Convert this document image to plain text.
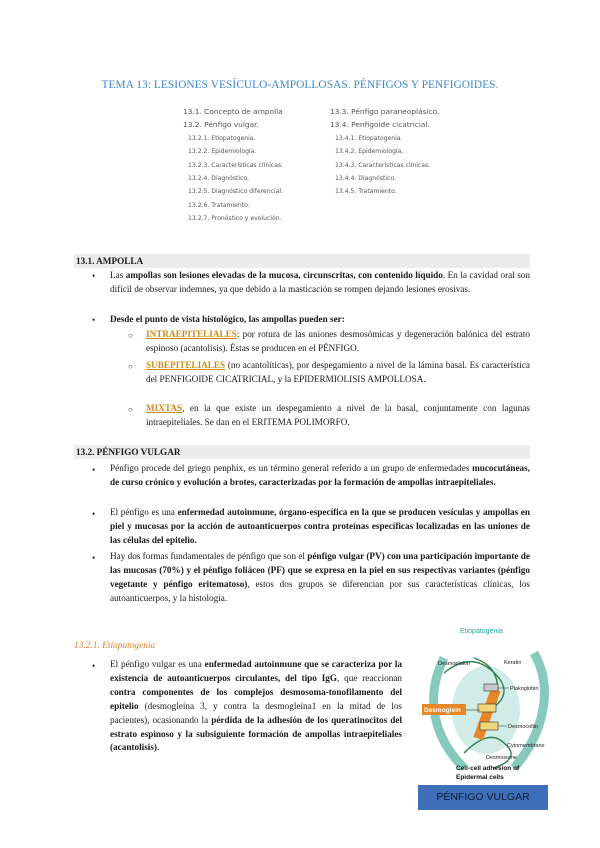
TEMA 13: LESIONES VESÍCULO-AMPOLLOSAS. PÉNFIGOS Y PENFIGOIDES.
13.1. Concepto de ampolla
13.2. Pénfigo vulgar.
13.2.1. Etiopatogenia.
13.2.2. Epidemiología.
13.2.3. Características clínicas.
13.2.4. Diagnóstico.
13.2.5. Diagnóstico diferencial.
13.2.6. Tratamiento.
13.2.7. Pronóstico y evolución.
13.3. Pénfigo paraneoplásico.
13.4. Penfigoide cicatricial.
13.4.1. Etiopatogenia.
13.4.2. Epidemiología.
13.4.3. Características clínicas.
13.4.4. Diagnóstico.
13.4.5. Tratamiento.
13.1. AMPOLLA
• Las ampollas son lesiones elevadas de la mucosa, circunscritas, con contenido líquido. En la cavidad oral son difícil de observar indemnes, ya que debido a la masticación se rompen dejando lesiones erosivas.
• Desde el punto de vista histológico, las ampollas pueden ser:
○ INTRAEPITELIALES: por rotura de las uniones desmosómicas y degeneración balónica del estrato espinoso (acantolisis). Éstas se producen en el PÉNFIGO.
○ SUBEPITELIALES (no acantolíticas), por despegamiento a nivel de la lámina basal. Es característica del PENFIGOIDE CICATRICIAL, y la EPIDERMIOLISIS AMPOLLOSA.
○ MIXTAS, en la que existe un despegamiento a nivel de la basal, conjuntamente con lagunas intraepiteliales. Se dan en el ERITEMA POLIMORFO.
13.2. PÉNFIGO VULGAR
• Pénfigo procede del griego penphix, es un término general referido a un grupo de enfermedades mucocutáneas, de curso crónico y evolución a brotes, caracterizadas por la formación de ampollas intraepiteliales.
• El pénfigo es una enfermedad autoinmune, órgano-específica en la que se producen vesículas y ampollas en piel y mucosas por la acción de autoanticuerpos contra proteínas específicas localizadas en las uniones de las células del epitelio.
• Hay dos formas fundamentales de pénfigo que son el pénfigo vulgar (PV) con una participación importante de las mucosas (70%) y el pénfigo foliáceo (PF) que se expresa en la piel en sus respectivas variantes (pénfigo vegetante y pénfigo eritematoso), estos dos grupos se diferencian por sus características clínicas, los autoanticuerpos, y la histología.
13.2.1. Etiopatogenia
• El pénfigo vulgar es una enfermedad autoinmune que se caracteriza por la existencia de autoanticuerpos circulantes, del tipo IgG, que reaccionan contra componentes de los complejos desmosoma-tonofilamento del epitelio (desmogleína 3, y contra la desmogleína1 en la mitad de los pacientes), ocasionando la pérdida de la adhesión de los queratinocitos del estrato espinoso y la subsiguiente formación de ampollas intraepiteliales (acantolisis).
Etiopatogenia
Desmoglein
Desmoplakin	Keratin
Plakoglobin
Desmocollin
Cytomembrane
Desmosome
Cell-cell adhesion of
Epidermal cells
PÉNFIGO VULGAR
